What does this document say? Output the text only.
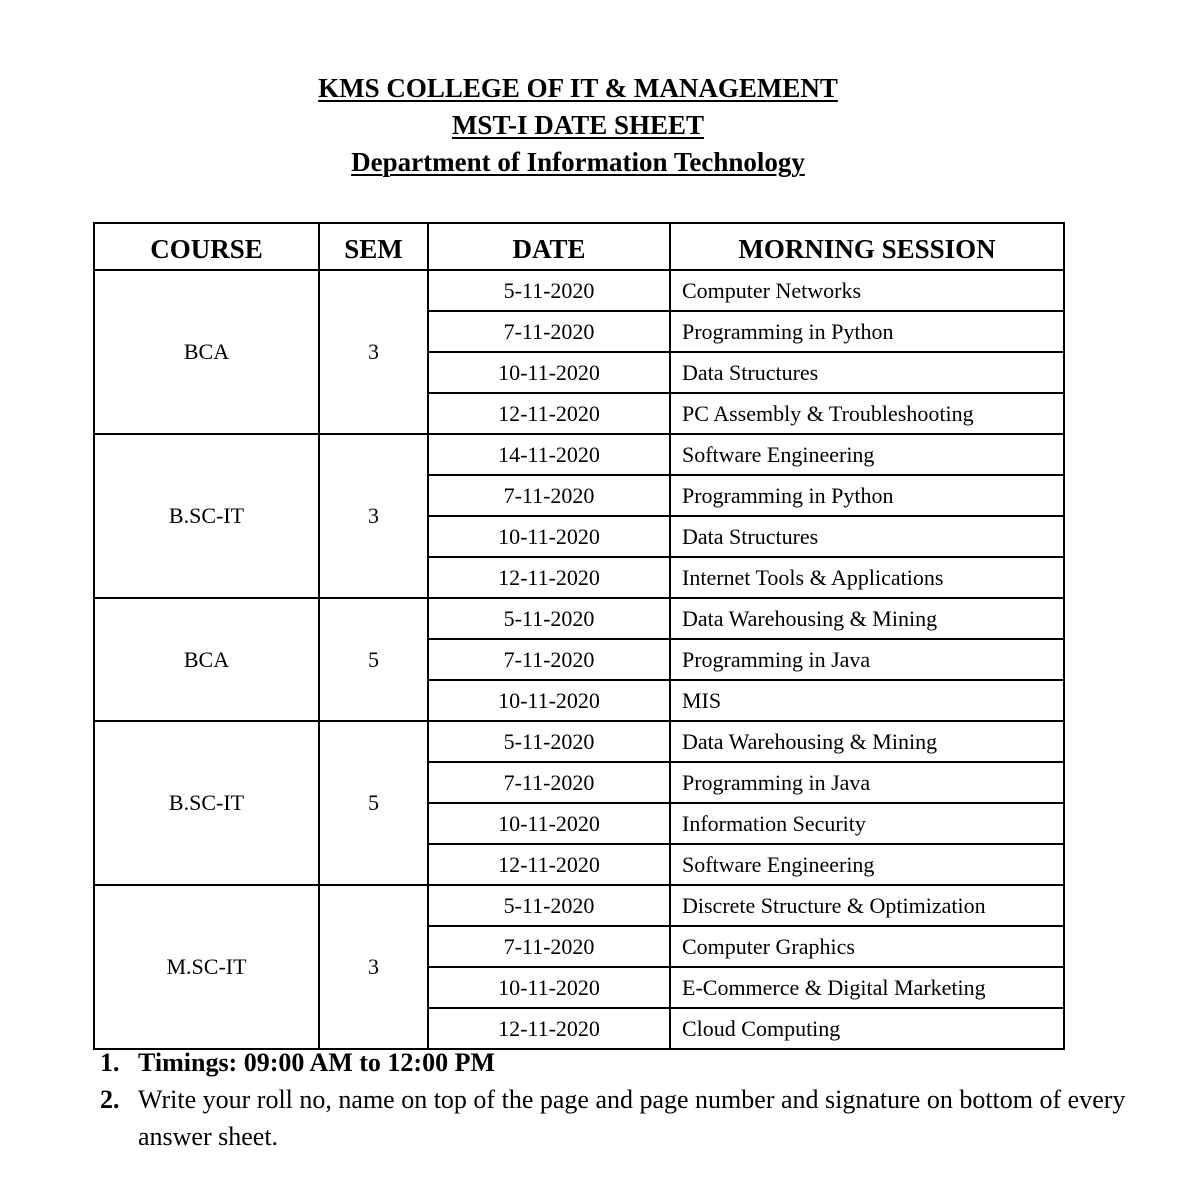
KMS COLLEGE OF IT & MANAGEMENT
MST-I DATE SHEET
Department of Information Technology
COURSE	SEM	DATE	MORNING SESSION
BCA	3	5-11-2020	Computer Networks
		7-11-2020	Programming in Python
		10-11-2020	Data Structures
		12-11-2020	PC Assembly & Troubleshooting
B.SC-IT	3	14-11-2020	Software Engineering
		7-11-2020	Programming in Python
		10-11-2020	Data Structures
		12-11-2020	Internet Tools & Applications
BCA	5	5-11-2020	Data Warehousing & Mining
		7-11-2020	Programming in Java
		10-11-2020	MIS
B.SC-IT	5	5-11-2020	Data Warehousing & Mining
		7-11-2020	Programming in Java
		10-11-2020	Information Security
		12-11-2020	Software Engineering
M.SC-IT	3	5-11-2020	Discrete Structure & Optimization
		7-11-2020	Computer Graphics
		10-11-2020	E-Commerce & Digital Marketing
		12-11-2020	Cloud Computing
1. Timings: 09:00 AM to 12:00 PM
2. Write your roll no, name on top of the page and page number and signature on bottom of every answer sheet.
